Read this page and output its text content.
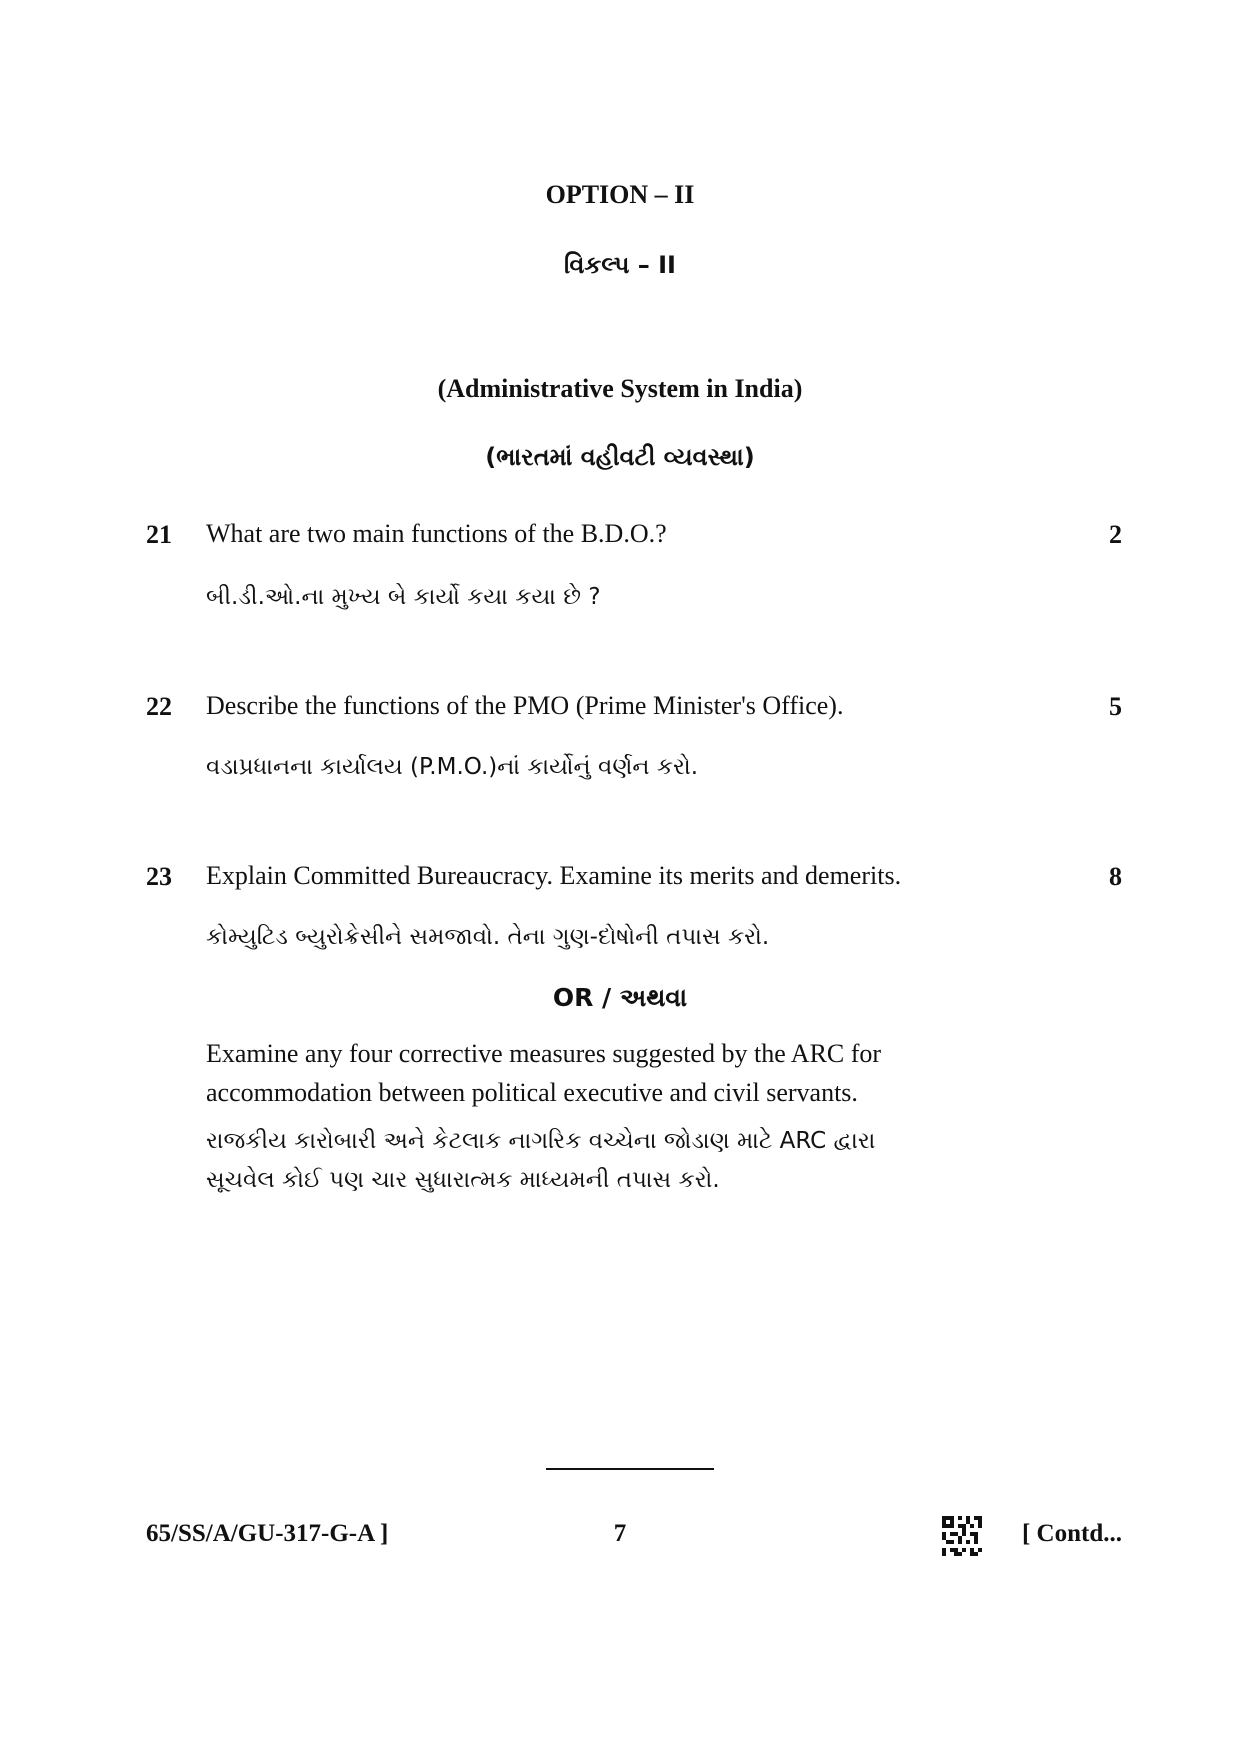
OPTION – II
વિકલ્પ – II
(Administrative System in India)
(ભારતમાં વહીવટી વ્યવસ્થા)
21 What are two main functions of the B.D.O.?	2
બી.ડી.ઓ.ના મુખ્ય બે કાર્યો કયા કયા છે ?
22 Describe the functions of the PMO (Prime Minister's Office).	5
વડાપ્રધાનના કાર્યાલય (P.M.O.)નાં કાર્યોનું વર્ણન કરો.
23 Explain Committed Bureaucracy. Examine its merits and demerits.	8
કોમ્યુટિડ બ્યુરોક્રેસીને સમજાવો. તેના ગુણ-દોષોની તપાસ કરો.
OR / અથવા
Examine any four corrective measures suggested by the ARC for accommodation between political executive and civil servants.
રાજકીય કારોબારી અને કેટલાક નાગરિક વચ્ચેના જોડાણ માટે ARC દ્વારા સૂચવેલ કોઈ પણ ચાર સુધારાત્મક માધ્યમની તપાસ કરો.
65/SS/A/GU-317-G-A ]	7	[ Contd...
